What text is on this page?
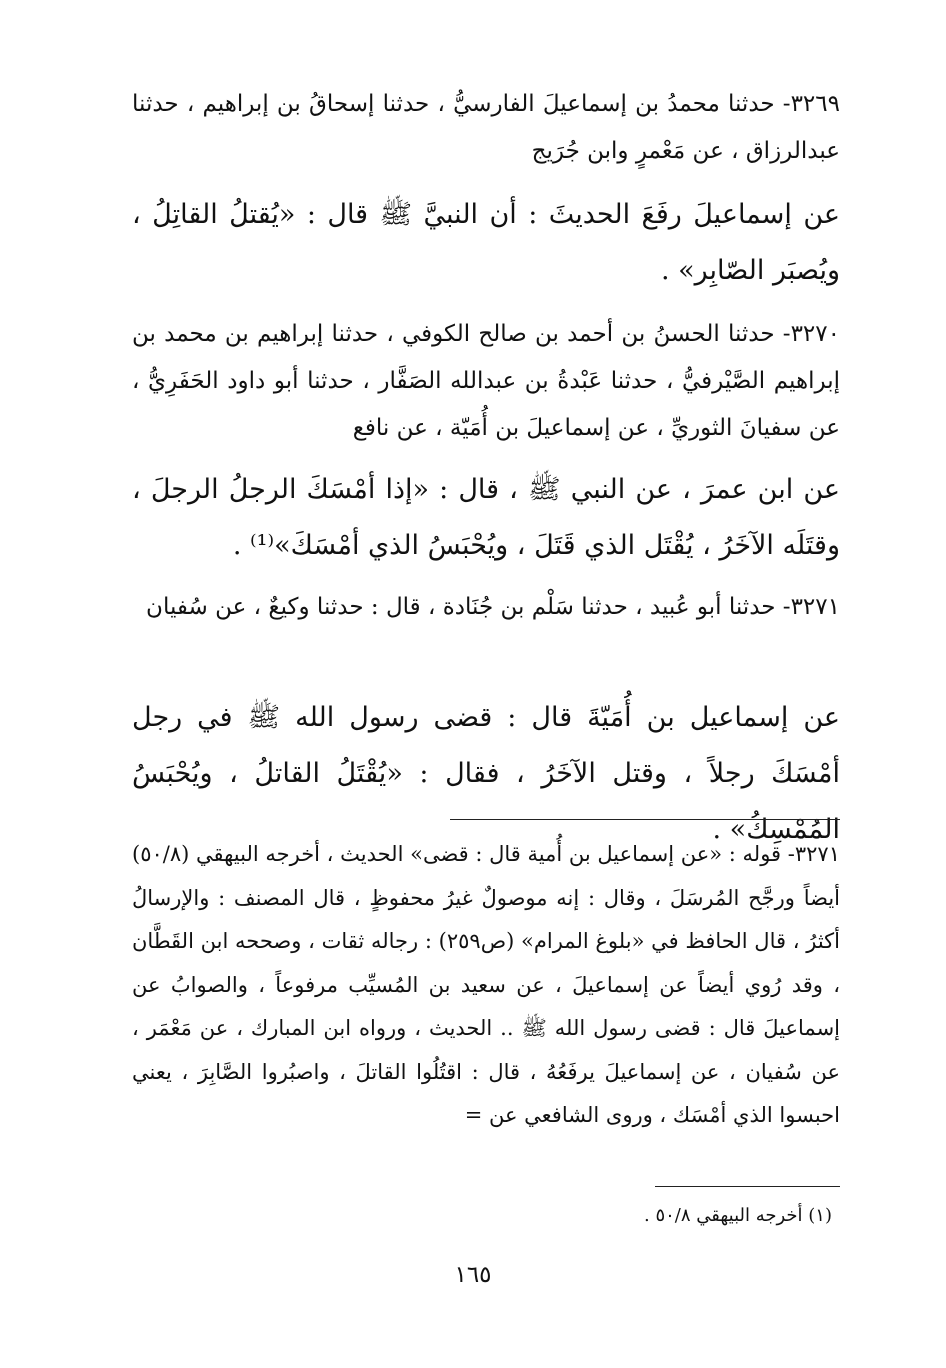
٣٢٦٩- حدثنا محمدُ بن إسماعيلَ الفارسيُّ ، حدثنا إسحاقُ بن إبراهيم ، حدثنا عبدالرزاق ، عن مَعْمرٍ وابن جُرَيج
عن إسماعيلَ رفَعَ الحديثَ : أن النبيَّ ﷺ قال : «يُقتلُ القاتِلُ ، ويُصبَر الصّابِر» .
٣٢٧٠- حدثنا الحسنُ بن أحمد بن صالح الكوفي ، حدثنا إبراهيم بن محمد بن إبراهيم الصَّيْرفيُّ ، حدثنا عَبْدةُ بن عبدالله الصَفَّار ، حدثنا أبو داود الحَفَرِيُّ ، عن سفيانَ الثوريِّ ، عن إسماعيلَ بن أُمَيّة ، عن نافع
عن ابن عمرَ ، عن النبي ﷺ ، قال : «إذا أمْسَكَ الرجلُ الرجلَ ، وقتَلَه الآخَرُ ، يُقْتَل الذي قَتَلَ ، ويُحْبَسُ الذي أمْسَكَ»⁽¹⁾ .
٣٢٧١- حدثنا أبو عُبيد ، حدثنا سَلْم بن جُنَادة ، قال : حدثنا وكيعٌ ، عن سُفيان
عن إسماعيل بن أُمَيّةَ قال : قضى رسول الله ﷺ في رجل أمْسَكَ رجلاً ، وقتل الآخَرُ ، فقال : «يُقْتَلُ القاتلُ ، ويُحْبَسُ المُمْسِكُ» .
٣٢٧١- قوله : «عن إسماعيل بن أُمية قال : قضى» الحديث ، أخرجه البيهقي (٥٠/٨) أيضاً ورجَّح المُرسَلَ ، وقال : إنه موصولٌ غيرُ محفوظٍ ، قال المصنف : والإرسالُ أكثرُ ، قال الحافظ في «بلوغ المرام» (ص٢٥٩) : رجاله ثقات ، وصححه ابن القَطَّان ، وقد رُوي أيضاً عن إسماعيلَ ، عن سعيد بن المُسيِّب مرفوعاً ، والصوابُ عن إسماعيلَ قال : قضى رسول الله ﷺ .. الحديث ، ورواه ابن المبارك ، عن مَعْمَر ، عن سُفيان ، عن إسماعيلَ يرفَعُهُ ، قال : اقتُلُوا القاتلَ ، واصبُروا الصَّابِرَ ، يعني احبسوا الذي أمْسَك ، وروى الشافعي عن =
(١) أخرجه البيهقي ٥٠/٨ .
١٦٥
